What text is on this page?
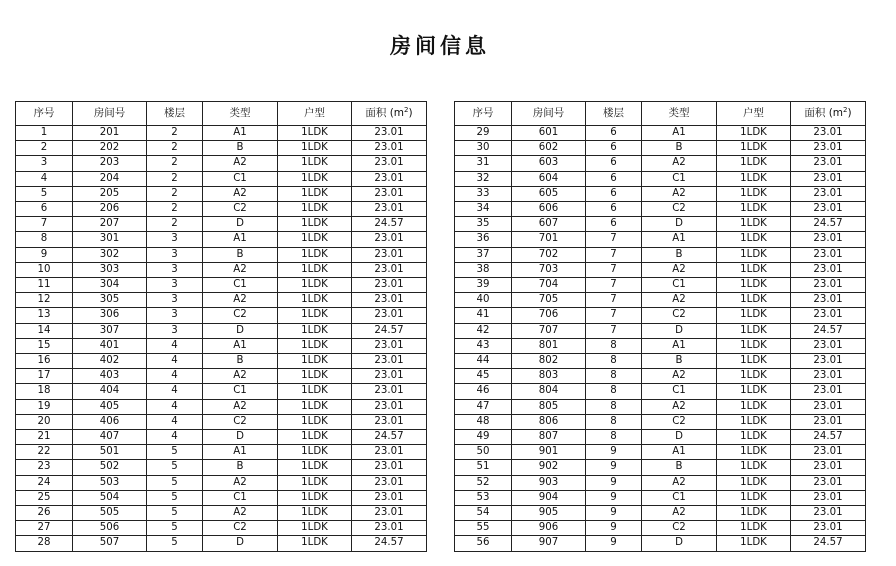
房间信息
序号	房间号	楼层	类型	户型	面积 $(m^2)$
1	201	2	A1	1LDK	23.01
2	202	2	B	1LDK	23.01
3	203	2	A2	1LDK	23.01
4	204	2	C1	1LDK	23.01
5	205	2	A2	1LDK	23.01
6	206	2	C2	1LDK	23.01
7	207	2	D	1LDK	24.57
8	301	3	A1	1LDK	23.01
9	302	3	B	1LDK	23.01
10	303	3	A2	1LDK	23.01
11	304	3	C1	1LDK	23.01
12	305	3	A2	1LDK	23.01
13	306	3	C2	1LDK	23.01
14	307	3	D	1LDK	24.57
15	401	4	A1	1LDK	23.01
16	402	4	B	1LDK	23.01
17	403	4	A2	1LDK	23.01
18	404	4	C1	1LDK	23.01
19	405	4	A2	1LDK	23.01
20	406	4	C2	1LDK	23.01
21	407	4	D	1LDK	24.57
22	501	5	A1	1LDK	23.01
23	502	5	B	1LDK	23.01
24	503	5	A2	1LDK	23.01
25	504	5	C1	1LDK	23.01
26	505	5	A2	1LDK	23.01
27	506	5	C2	1LDK	23.01
28	507	5	D	1LDK	24.57
序号	房间号	楼层	类型	户型	面积 $(m^2)$
29	601	6	A1	1LDK	23.01
30	602	6	B	1LDK	23.01
31	603	6	A2	1LDK	23.01
32	604	6	C1	1LDK	23.01
33	605	6	A2	1LDK	23.01
34	606	6	C2	1LDK	23.01
35	607	6	D	1LDK	24.57
36	701	7	A1	1LDK	23.01
37	702	7	B	1LDK	23.01
38	703	7	A2	1LDK	23.01
39	704	7	C1	1LDK	23.01
40	705	7	A2	1LDK	23.01
41	706	7	C2	1LDK	23.01
42	707	7	D	1LDK	24.57
43	801	8	A1	1LDK	23.01
44	802	8	B	1LDK	23.01
45	803	8	A2	1LDK	23.01
46	804	8	C1	1LDK	23.01
47	805	8	A2	1LDK	23.01
48	806	8	C2	1LDK	23.01
49	807	8	D	1LDK	24.57
50	901	9	A1	1LDK	23.01
51	902	9	B	1LDK	23.01
52	903	9	A2	1LDK	23.01
53	904	9	C1	1LDK	23.01
54	905	9	A2	1LDK	23.01
55	906	9	C2	1LDK	23.01
56	907	9	D	1LDK	24.57
